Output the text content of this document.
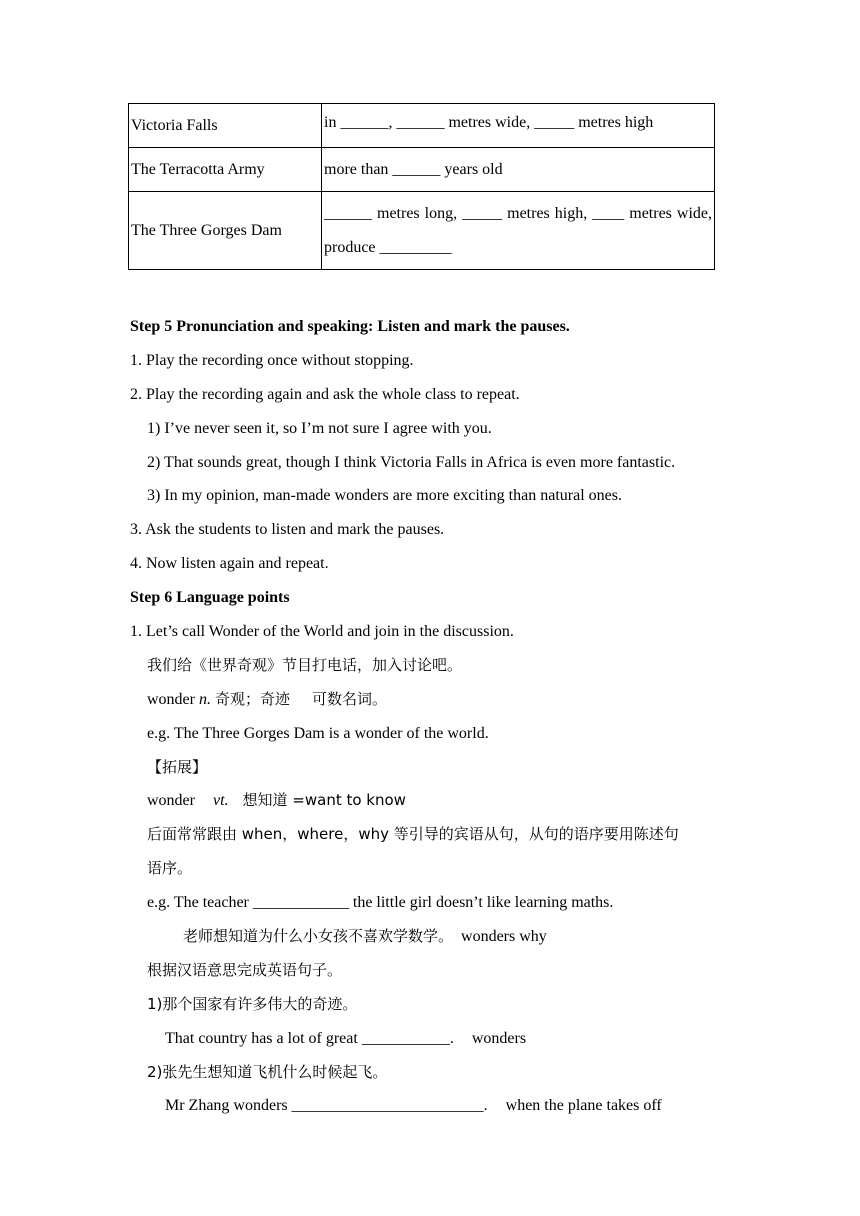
Victoria Falls	in ______, ______ metres wide, _____ metres high
The Terracotta Army	more than ______ years old
The Three Gorges Dam	______ metres long, _____ metres high, ____ metres wide, produce _________
Step 5 Pronunciation and speaking: Listen and mark the pauses.
1. Play the recording once without stopping.
2. Play the recording again and ask the whole class to repeat.
1) I’ve never seen it, so I’m not sure I agree with you.
2) That sounds great, though I think Victoria Falls in Africa is even more fantastic.
3) In my opinion, man-made wonders are more exciting than natural ones.
3. Ask the students to listen and mark the pauses.
4. Now listen again and repeat.
Step 6 Language points
1. Let’s call Wonder of the World and join in the discussion.
我们给《世界奇观》节目打电话，加入讨论吧。
wonder n. 奇观；奇迹 可数名词。
e.g. The Three Gorges Dam is a wonder of the world.
【拓展】
wonder vt. 想知道 =want to know
后面常常跟由 when，where，why 等引导的宾语从句，从句的语序要用陈述句
语序。
e.g. The teacher ____________ the little girl doesn’t like learning maths.
老师想知道为什么小女孩不喜欢学数学。 wonders why
根据汉语意思完成英语句子。
1)那个国家有许多伟大的奇迹。
That country has a lot of great ___________. wonders
2)张先生想知道飞机什么时候起飞。
Mr Zhang wonders ________________________. when the plane takes off
